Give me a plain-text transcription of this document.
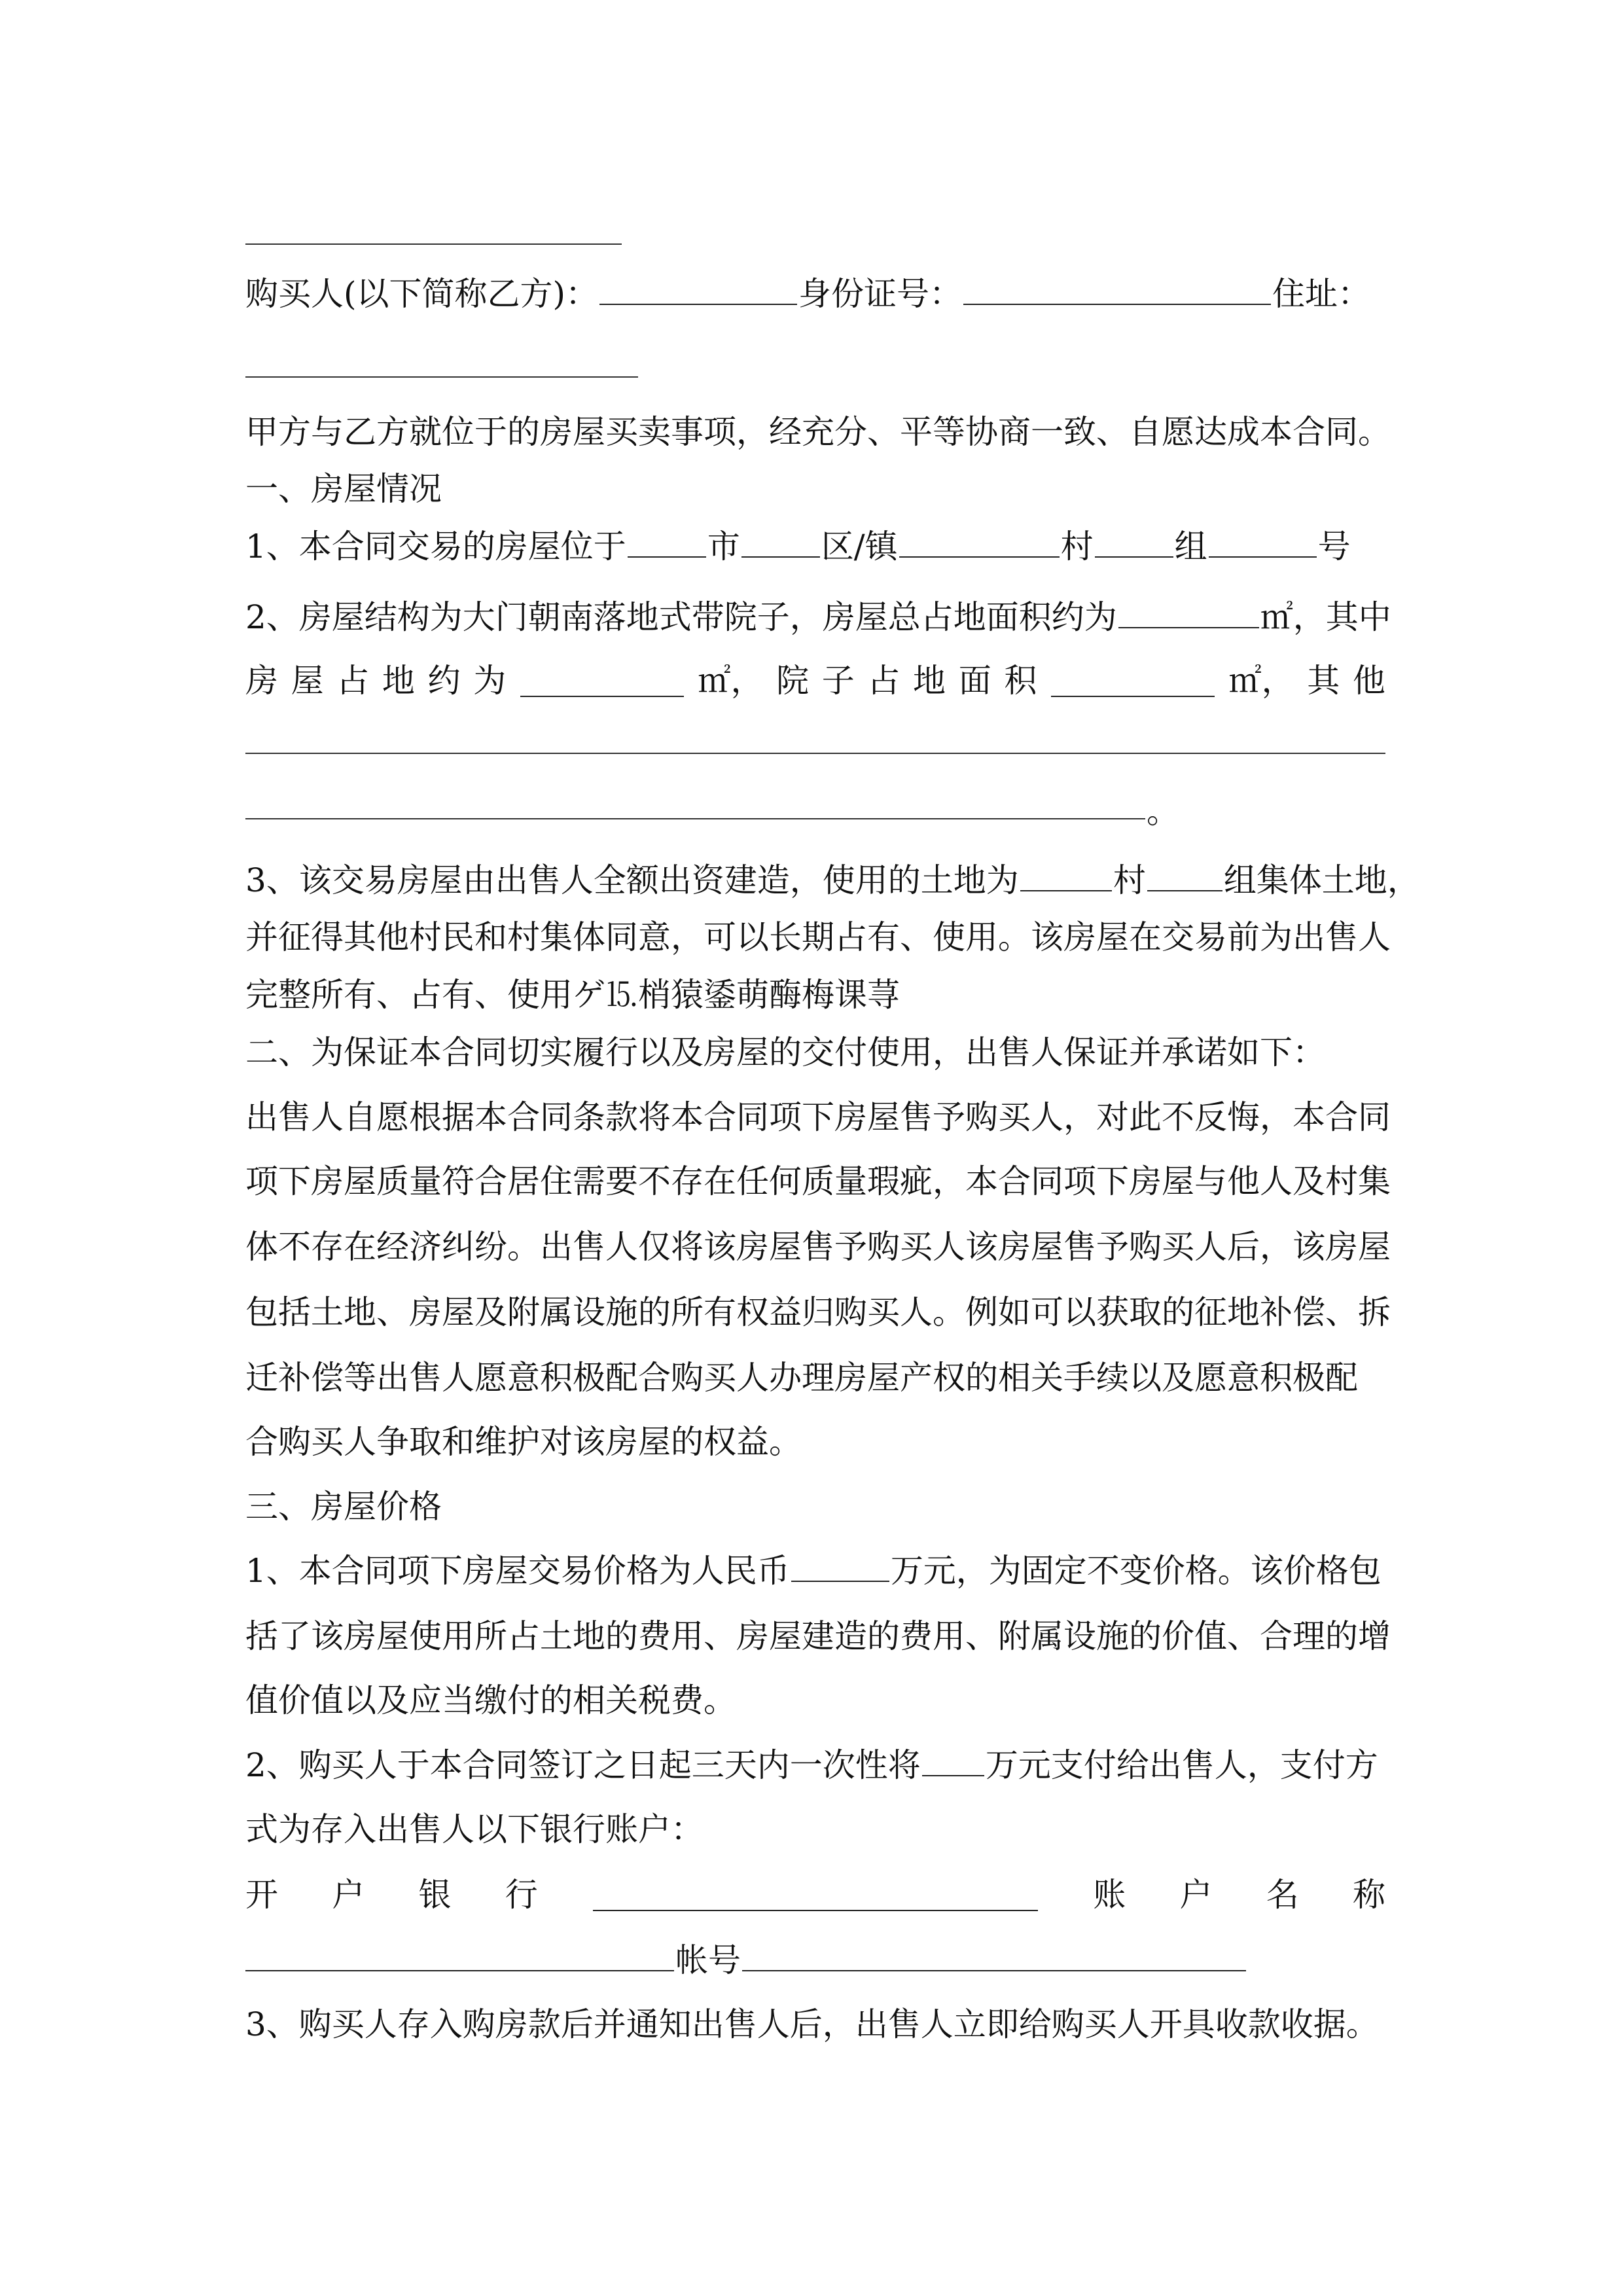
购买人(以下简称乙方)：	身份证号：	住址：
甲方与乙方就位于的房屋买卖事项，经充分、平等协商一致、自愿达成本合同。
一、房屋情况
1、本合同交易的房屋位于 市 区/镇	村 组	号
2、房屋结构为大门朝南落地式带院子，房屋总占地面积约为	㎡，其中
房 屋 占 地 约 为	㎡， 院 子 占 地 面 积	㎡， 其 他
。
3、该交易房屋由出售人全额出资建造，使用的土地为	村 组集体土地，
并征得其他村民和村集体同意，可以长期占有、使用。该房屋在交易前为出售人
完整所有、占有、使用ゲ⒖梢猿鋈萌酶梅课荨
二、为保证本合同切实履行以及房屋的交付使用，出售人保证并承诺如下：
出售人自愿根据本合同条款将本合同项下房屋售予购买人，对此不反悔，本合同
项下房屋质量符合居住需要不存在任何质量瑕疵，本合同项下房屋与他人及村集
体不存在经济纠纷。出售人仅将该房屋售予购买人该房屋售予购买人后，该房屋
包括土地、房屋及附属设施的所有权益归购买人。例如可以获取的征地补偿、拆
迁补偿等出售人愿意积极配合购买人办理房屋产权的相关手续以及愿意积极配
合购买人争取和维护对该房屋的权益。
三、房屋价格
1、本合同项下房屋交易价格为人民币	万元，为固定不变价格。该价格包
括了该房屋使用所占土地的费用、房屋建造的费用、附属设施的价值、合理的增
值价值以及应当缴付的相关税费。
2、购买人于本合同签订之日起三天内一次性将 万元支付给出售人，支付方
式为存入出售人以下银行账户：
开 户 银 行	账 户 名 称
帐号
3、购买人存入购房款后并通知出售人后，出售人立即给购买人开具收款收据。
